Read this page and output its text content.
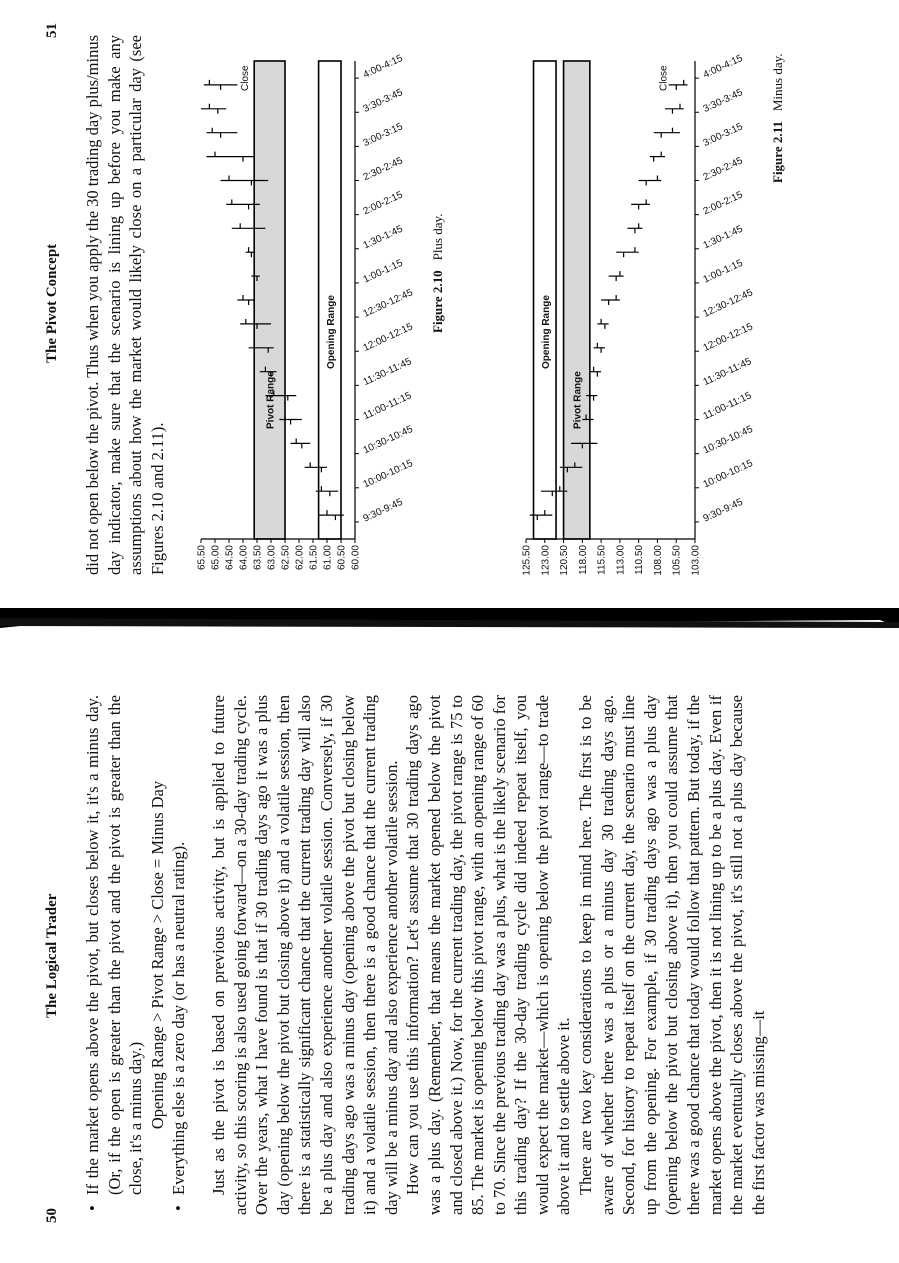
50
The Logical Trader

•
If the market opens above the pivot, but closes below it, it's a minus day. (Or, if the open is greater than the pivot and the pivot is greater than the close, it's a minus day.) Opening Range > Pivot Range > Close = Minus Day

•
Everything else is a zero day (or has a neutral rating). Just as the pivot is based on previous activity, but is applied to future activity, so this scoring is also used going forward—on a 30-day trading cycle. Over the years, what I have found is that if 30 trading days ago it was a plus day (opening below the pivot but closing above it) and a volatile session, then there is a statistically significant chance that the current trading day will also be a plus day and also experience another volatile session. Conversely, if 30 trading days ago was a minus day (opening above the pivot but closing below it) and a volatile session, then there is a good chance that the current trading day will be a minus day and also experience another volatile session. How can you use this information? Let's assume that 30 trading days ago was a plus day. (Remember, that means the market opened below the pivot and closed above it.) Now, for the current trading day, the pivot range is 75 to 85. The market is opening below this pivot range, with an opening range of 60 to 70. Since the previous trading day was a plus, what is the likely scenario for this trading day? If the 30-day trading cycle did indeed repeat itself, you would expect the market—which is opening below the pivot range—to trade above it and to settle above it. There are two key considerations to keep in mind here. The first is to be aware of whether there was a plus or a minus day 30 trading days ago. Second, for history to repeat itself on the current day, the scenario must line up from the opening. For example, if 30 trading days ago was a plus day (opening below the pivot but closing above it), then you could assume that there was a good chance that today would follow that pattern. But today, if the market opens above the pivot, then it is not lining up to be a plus day. Even if the market eventually closes above the pivot, it's still not a plus day because the first factor was missing—it

The Pivot Concept
51

did not open below the pivot. Thus when you apply the 30 trading day plus/minus day indicator, make sure that the scenario is lining up before you make any assumptions about how the market would likely close on a particular day (see Figures 2.10 and 2.11).

Pivot Range
Opening Range
Close
65.50 65.00 64.50 64.00 63.50 63.00 62.50 62.00 61.50 61.00 60.50 60.00
9:30-9:45
10:00-10:15
10:30-10:45
11:00-11:15
11:30-11:45
12:00-12:15
12:30-12:45
1:00-1:15
1:30-1:45
2:00-2:15
2:30-2:45
3:00-3:15
3:30-3:45
4:00-4:15
Figure 2.10Plus day.
Pivot Range
Opening Range
Close
125.50 123.00 120.50 118.00 115.50 113.00 110.50 108.00 105.50 103.00
9:30-9:45
10:00-10:15
10:30-10:45
11:00-11:15
11:30-11:45
12:00-12:15
12:30-12:45
1:00-1:15
1:30-1:45
2:00-2:15
2:30-2:45
3:00-3:15
3:30-3:45
4:00-4:15
Figure 2.11Minus day.
